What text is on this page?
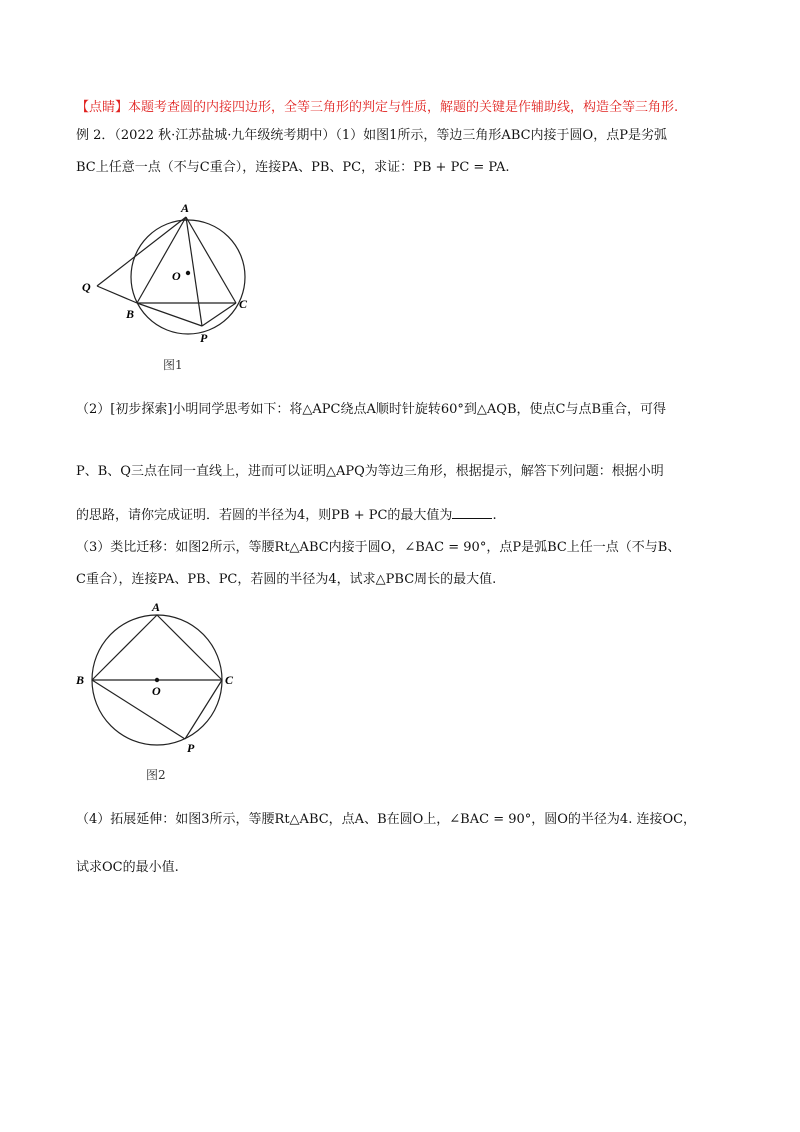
【点睛】本题考查圆的内接四边形，全等三角形的判定与性质，解题的关键是作辅助线，构造全等三角形.
例 2．（2022 秋·江苏盐城·九年级统考期中）（1）如图1所示，等边三角形ABC内接于圆O，点P是劣弧
BC上任意一点（不与C重合），连接PA、PB、PC，求证：PB + PC = PA.
A
O
Q
B
C
P
图1
（2）[初步探索]小明同学思考如下：将△APC绕点A顺时针旋转60°到△AQB，使点C与点B重合，可得
P、B、Q三点在同一直线上，进而可以证明△APQ为等边三角形，根据提示，解答下列问题：根据小明
的思路，请你完成证明．若圆的半径为4，则PB + PC的最大值为	.
（3）类比迁移：如图2所示，等腰Rt△ABC内接于圆O，∠BAC = 90°，点P是弧BC上任一点（不与B、
C重合），连接PA、PB、PC，若圆的半径为4，试求△PBC周长的最大值.
A
B	C
O
P
图2
（4）拓展延伸：如图3所示，等腰Rt△ABC，点A、B在圆O上，∠BAC = 90°，圆O的半径为4. 连接OC，
试求OC的最小值.
